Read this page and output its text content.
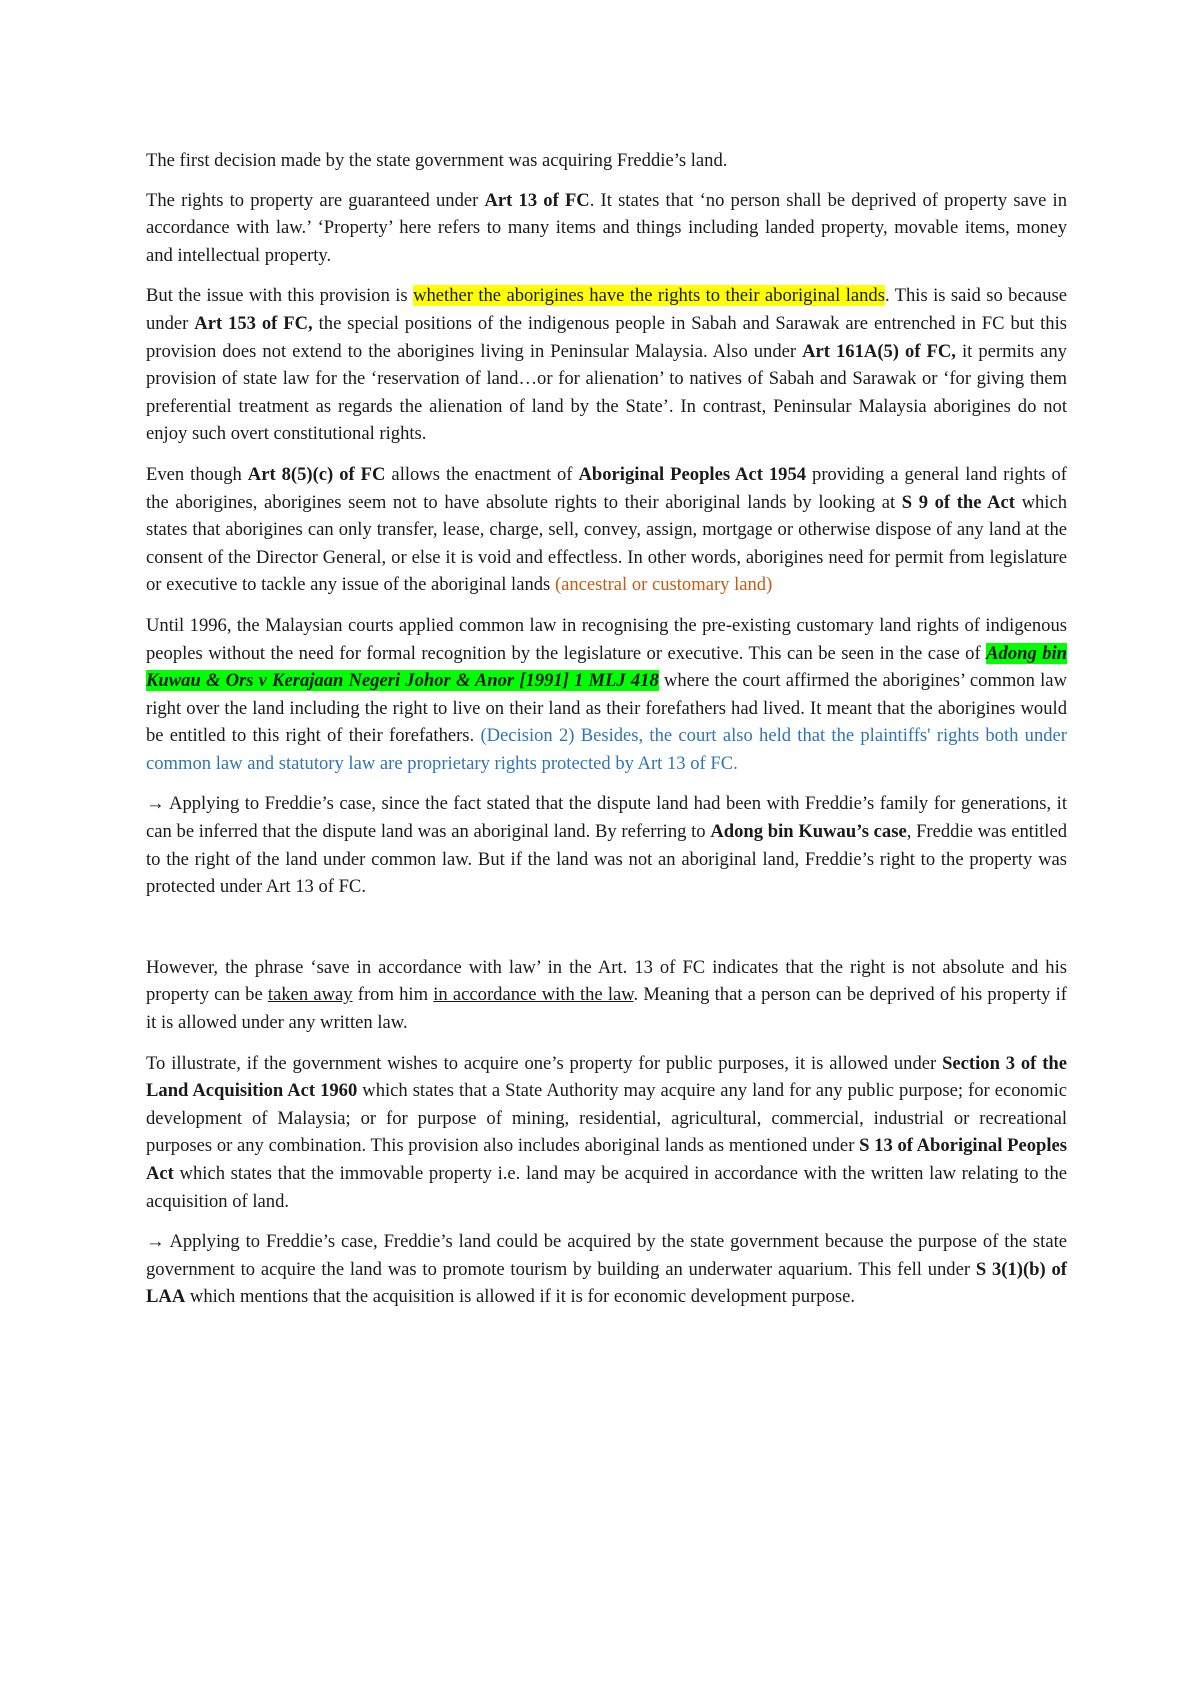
The first decision made by the state government was acquiring Freddie’s land.

The rights to property are guaranteed under Art 13 of FC. It states that ‘no person shall be deprived of property save in accordance with law.’ ‘Property’ here refers to many items and things including landed property, movable items, money and intellectual property.

But the issue with this provision is whether the aborigines have the rights to their aboriginal lands. This is said so because under Art 153 of FC, the special positions of the indigenous people in Sabah and Sarawak are entrenched in FC but this provision does not extend to the aborigines living in Peninsular Malaysia. Also under Art 161A(5) of FC, it permits any provision of state law for the ‘reservation of land…or for alienation’ to natives of Sabah and Sarawak or ‘for giving them preferential treatment as regards the alienation of land by the State’. In contrast, Peninsular Malaysia aborigines do not enjoy such overt constitutional rights.

Even though Art 8(5)(c) of FC allows the enactment of Aboriginal Peoples Act 1954 providing a general land rights of the aborigines, aborigines seem not to have absolute rights to their aboriginal lands by looking at S 9 of the Act which states that aborigines can only transfer, lease, charge, sell, convey, assign, mortgage or otherwise dispose of any land at the consent of the Director General, or else it is void and effectless. In other words, aborigines need for permit from legislature or executive to tackle any issue of the aboriginal lands (ancestral or customary land)

Until 1996, the Malaysian courts applied common law in recognising the pre-existing customary land rights of indigenous peoples without the need for formal recognition by the legislature or executive. This can be seen in the case of Adong bin Kuwau & Ors v Kerajaan Negeri Johor & Anor [1991] 1 MLJ 418 where the court affirmed the aborigines’ common law right over the land including the right to live on their land as their forefathers had lived. It meant that the aborigines would be entitled to this right of their forefathers. (Decision 2) Besides, the court also held that the plaintiffs' rights both under common law and statutory law are proprietary rights protected by Art 13 of FC.

→ Applying to Freddie’s case, since the fact stated that the dispute land had been with Freddie’s family for generations, it can be inferred that the dispute land was an aboriginal land. By referring to Adong bin Kuwau’s case, Freddie was entitled to the right of the land under common law. But if the land was not an aboriginal land, Freddie’s right to the property was protected under Art 13 of FC.

However, the phrase ‘save in accordance with law’ in the Art. 13 of FC indicates that the right is not absolute and his property can be taken away from him in accordance with the law. Meaning that a person can be deprived of his property if it is allowed under any written law.

To illustrate, if the government wishes to acquire one’s property for public purposes, it is allowed under Section 3 of the Land Acquisition Act 1960 which states that a State Authority may acquire any land for any public purpose; for economic development of Malaysia; or for purpose of mining, residential, agricultural, commercial, industrial or recreational purposes or any combination. This provision also includes aboriginal lands as mentioned under S 13 of Aboriginal Peoples Act which states that the immovable property i.e. land may be acquired in accordance with the written law relating to the acquisition of land.

→ Applying to Freddie’s case, Freddie’s land could be acquired by the state government because the purpose of the state government to acquire the land was to promote tourism by building an underwater aquarium. This fell under S 3(1)(b) of LAA which mentions that the acquisition is allowed if it is for economic development purpose.
